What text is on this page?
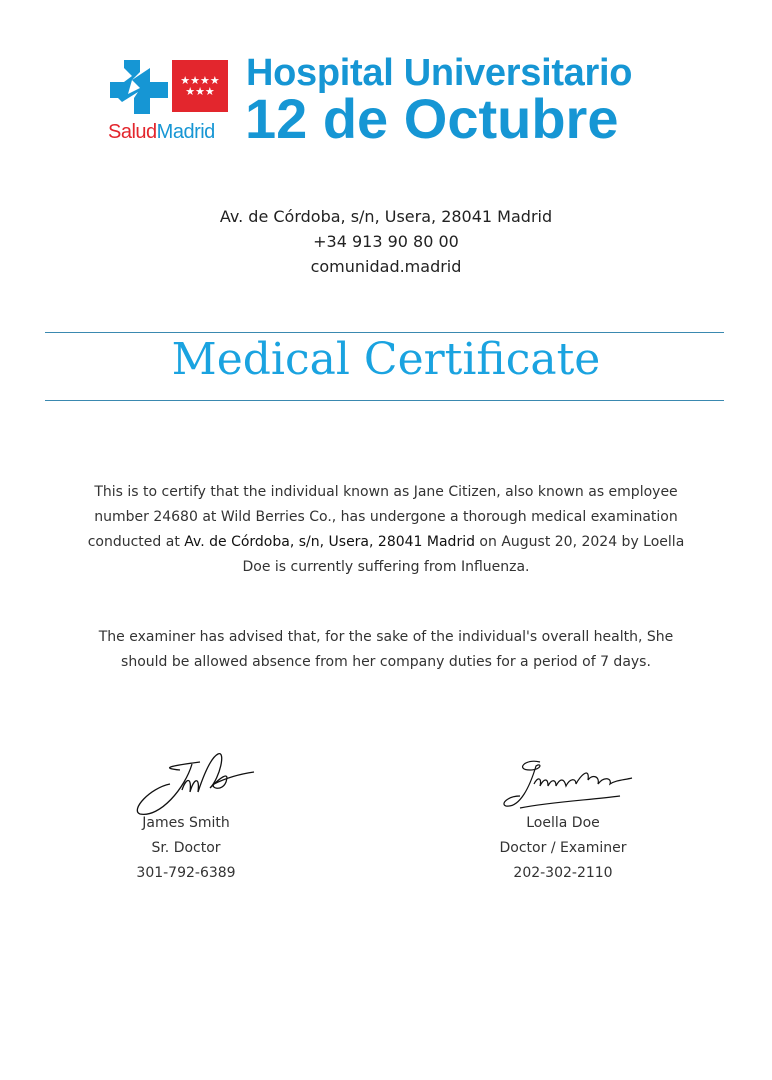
★★★★
★★★
SaludMadrid
Hospital Universitario
12 de Octubre
Av. de Córdoba, s/n, Usera, 28041 Madrid
+34 913 90 80 00
comunidad.madrid
Medical Certificate
This is to certify that the individual known as Jane Citizen, also known as employee number 24680 at Wild Berries Co., has undergone a thorough medical examination conducted at Av. de Córdoba, s/n, Usera, 28041 Madrid on August 20, 2024 by Loella Doe is currently suffering from Influenza.
The examiner has advised that, for the sake of the individual's overall health, She should be allowed absence from her company duties for a period of 7 days.
James Smith
Sr. Doctor
301-792-6389
Loella Doe
Doctor / Examiner
202-302-2110
